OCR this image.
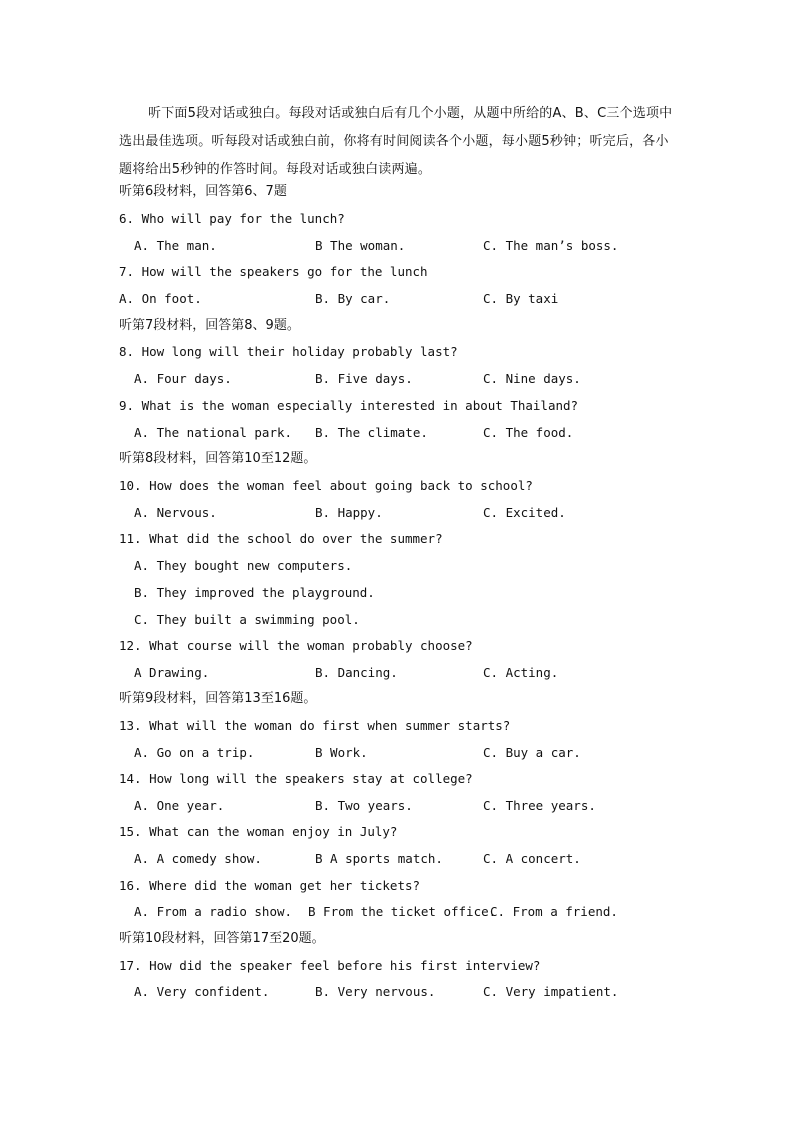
听下面5段对话或独白。每段对话或独白后有几个小题，从题中所给的A、B、C三个选项中选出最佳选项。听每段对话或独白前，你将有时间阅读各个小题，每小题5秒钟；听完后，各小题将给出5秒钟的作答时间。每段对话或独白读两遍。

听第6段材料，回答第6、7题
6. Who will pay for the lunch?
A. The man.	B The woman.	C. The man’s boss.
7. How will the speakers go for the lunch
A. On foot.	B. By car.	C. By taxi
听第7段材料，回答第8、9题。
8. How long will their holiday probably last?
A. Four days.	B. Five days.	C. Nine days.
9. What is the woman especially interested in about Thailand?
A. The national park. B. The climate.	C. The food.
听第8段材料，回答第10至12题。
10. How does the woman feel about going back to school?
A. Nervous.	B. Happy.	C. Excited.
11. What did the school do over the summer?
A. They bought new computers.
B. They improved the playground.
C. They built a swimming pool.
12. What course will the woman probably choose?
A Drawing.	B. Dancing.	C. Acting.
听第9段材料，回答第13至16题。
13. What will the woman do first when summer starts?
A. Go on a trip.	B Work.	C. Buy a car.
14. How long will the speakers stay at college?
A. One year.	B. Two years.	C. Three years.
15. What can the woman enjoy in July?
A. A comedy show.	B A sports match.	C. A concert.
16. Where did the woman get her tickets?
A. From a radio show. B From the ticket office.
C. From a friend.
听第10段材料，回答第17至20题。
17. How did the speaker feel before his first interview?
A. Very confident.	B. Very nervous.	C. Very impatient.
